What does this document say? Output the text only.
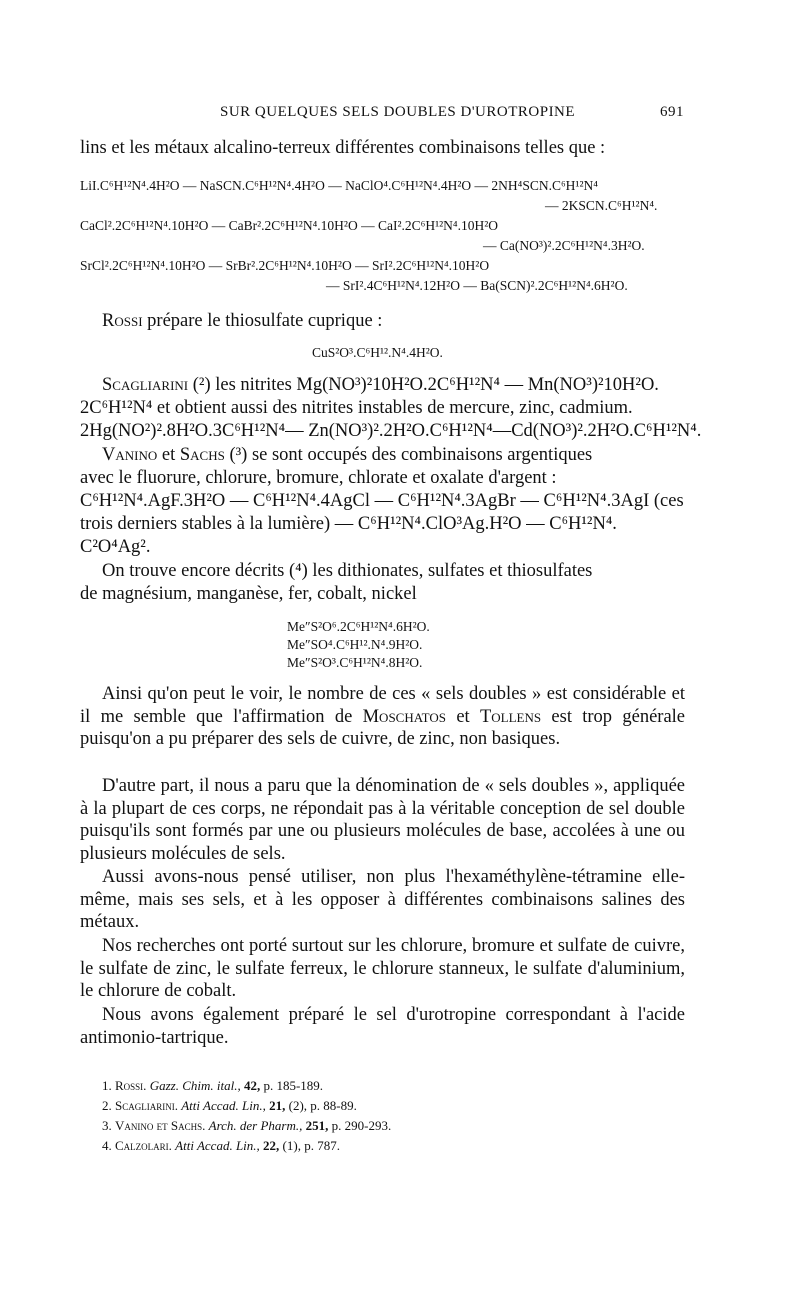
SUR QUELQUES SELS DOUBLES D'UROTROPINE	691
lins et les métaux alcalino-terreux différentes combinaisons telles que :
LiI.C⁶H¹²N⁴.4H²O — NaSCN.C⁶H¹²N⁴.4H²O — NaClO⁴.C⁶H¹²N⁴.4H²O — 2NH⁴SCN.C⁶H¹²N⁴
— 2KSCN.C⁶H¹²N⁴.
CaCl².2C⁶H¹²N⁴.10H²O — CaBr².2C⁶H¹²N⁴.10H²O — CaI².2C⁶H¹²N⁴.10H²O
— Ca(NO³)².2C⁶H¹²N⁴.3H²O.
SrCl².2C⁶H¹²N⁴.10H²O — SrBr².2C⁶H¹²N⁴.10H²O — SrI².2C⁶H¹²N⁴.10H²O
— SrI².4C⁶H¹²N⁴.12H²O — Ba(SCN)².2C⁶H¹²N⁴.6H²O.
Rossi prépare le thiosulfate cuprique :
CuS²O³.C⁶H¹².N⁴.4H²O.
Scagliarini (²) les nitrites Mg(NO³)²10H²O.2C⁶H¹²N⁴ — Mn(NO³)²10H²O.
2C⁶H¹²N⁴ et obtient aussi des nitrites instables de mercure, zinc, cadmium.
2Hg(NO²)².8H²O.3C⁶H¹²N⁴— Zn(NO³)².2H²O.C⁶H¹²N⁴—Cd(NO³)².2H²O.C⁶H¹²N⁴.
Vanino et Sachs (³) se sont occupés des combinaisons argentiques
avec le fluorure, chlorure, bromure, chlorate et oxalate d'argent :
C⁶H¹²N⁴.AgF.3H²O — C⁶H¹²N⁴.4AgCl — C⁶H¹²N⁴.3AgBr — C⁶H¹²N⁴.3AgI (ces
trois derniers stables à la lumière) — C⁶H¹²N⁴.ClO³Ag.H²O — C⁶H¹²N⁴.
C²O⁴Ag².
On trouve encore décrits (⁴) les dithionates, sulfates et thiosulfates
de magnésium, manganèse, fer, cobalt, nickel
Me″S²O⁶.2C⁶H¹²N⁴.6H²O.
Me″SO⁴.C⁶H¹².N⁴.9H²O.
Me″S²O³.C⁶H¹²N⁴.8H²O.
Ainsi qu'on peut le voir, le nombre de ces « sels doubles » est considérable et il me semble que l'affirmation de Moschatos et Tollens est trop générale puisqu'on a pu préparer des sels de cuivre, de zinc, non basiques.
D'autre part, il nous a paru que la dénomination de « sels doubles », appliquée à la plupart de ces corps, ne répondait pas à la véritable conception de sel double puisqu'ils sont formés par une ou plusieurs molécules de base, accolées à une ou plusieurs molécules de sels.
Aussi avons-nous pensé utiliser, non plus l'hexaméthylène-tétramine elle-même, mais ses sels, et à les opposer à différentes combinaisons salines des métaux.
Nos recherches ont porté surtout sur les chlorure, bromure et sulfate de cuivre, le sulfate de zinc, le sulfate ferreux, le chlorure stanneux, le sulfate d'aluminium, le chlorure de cobalt.
Nous avons également préparé le sel d'urotropine correspondant à l'acide antimonio-tartrique.
1. Rossi. Gazz. Chim. ital., 42, p. 185-189.
2. Scagliarini. Atti Accad. Lin., 21, (2), p. 88-89.
3. Vanino et Sachs. Arch. der Pharm., 251, p. 290-293.
4. Calzolari. Atti Accad. Lin., 22, (1), p. 787.
